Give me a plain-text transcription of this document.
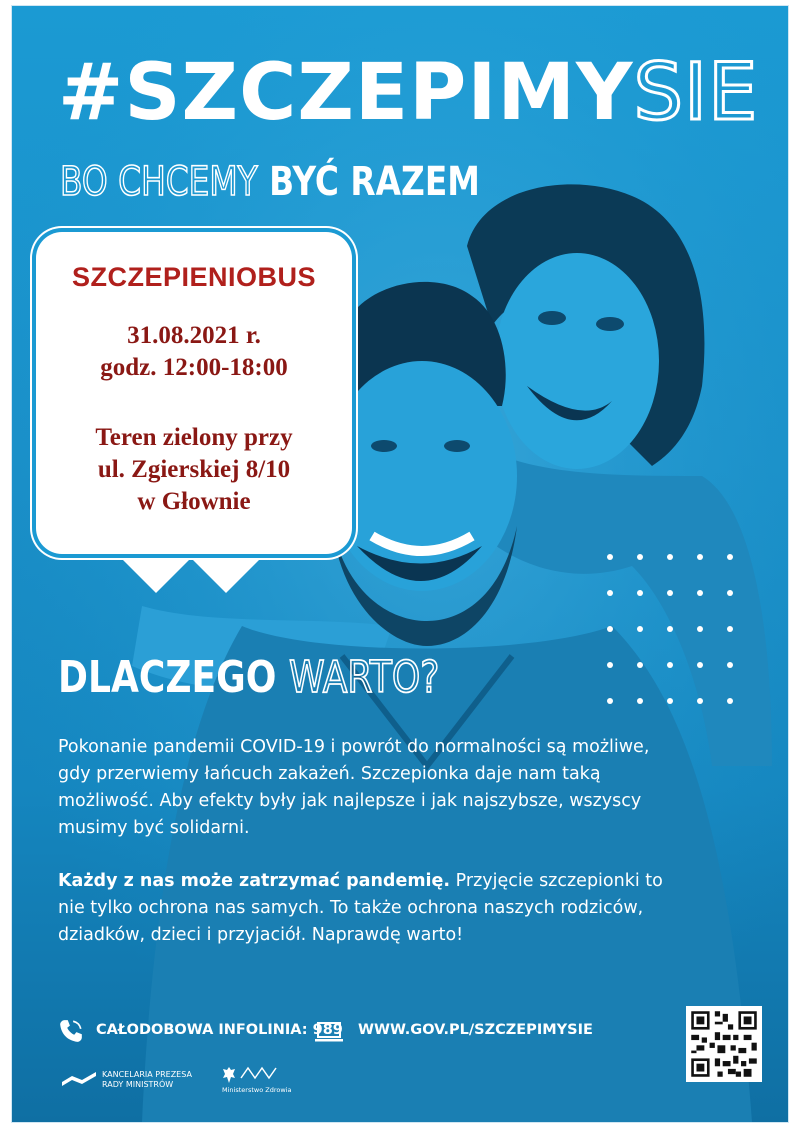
#SZCZEPIMYSIE
BO CHCEMY BYĆ RAZEM
SZCZEPIENIOBUS
31.08.2021 r.
godz. 12:00-18:00
Teren zielony przy
ul. Zgierskiej 8/10
w Głownie
DLACZEGO WARTO?
Pokonanie pandemii COVID-19 i powrót do normalności są możliwe, gdy przerwiemy łańcuch zakażeń. Szczepionka daje nam taką możliwość. Aby efekty były jak najlepsze i jak najszybsze, wszyscy musimy być solidarni.
Każdy z nas może zatrzymać pandemię. Przyjęcie szczepionki to nie tylko ochrona nas samych. To także ochrona naszych rodziców, dziadków, dzieci i przyjaciół. Naprawdę warto!
CAŁODOBOWA INFOLINIA: 989 WWW.GOV.PL/SZCZEPIMYSIE
KANCELARIA PREZESA
RADY MINISTRÓW
Ministerstwo Zdrowia
